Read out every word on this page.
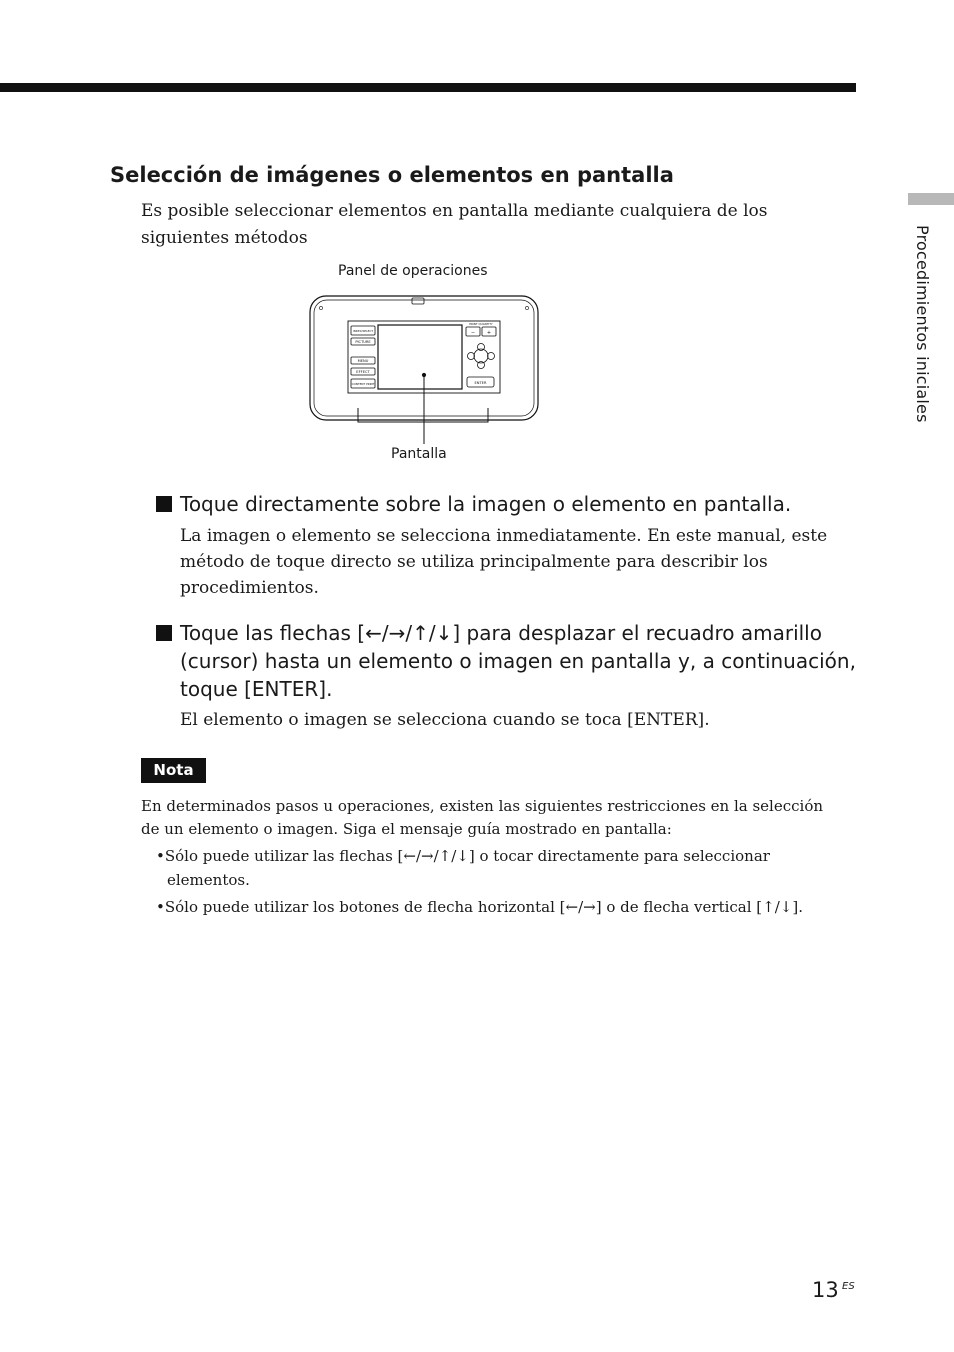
Procedimientos iniciales
Selección de imágenes o elementos en pantalla
Es posible seleccionar elementos en pantalla mediante cualquiera de los siguientes métodos
Panel de operaciones
INDEX/SELECT
PICTURE
MENU
EFFECT
CONTENT PRINT
PRINT QUANTITY
− +
ENTER
Pantalla
Toque directamente sobre la imagen o elemento en pantalla.
La imagen o elemento se selecciona inmediatamente. En este manual, este método de toque directo se utiliza principalmente para describir los procedimientos.
Toque las flechas [←/→/↑/↓] para desplazar el recuadro amarillo (cursor) hasta un elemento o imagen en pantalla y, a continuación, toque [ENTER].
El elemento o imagen se selecciona cuando se toca [ENTER].
Nota
En determinados pasos u operaciones, existen las siguientes restricciones en la selección de un elemento o imagen. Siga el mensaje guía mostrado en pantalla:
•Sólo puede utilizar las flechas [←/→/↑/↓] o tocar directamente para seleccionar elementos.
•Sólo puede utilizar los botones de flecha horizontal [←/→] o de flecha vertical [↑/↓].
13 ES
